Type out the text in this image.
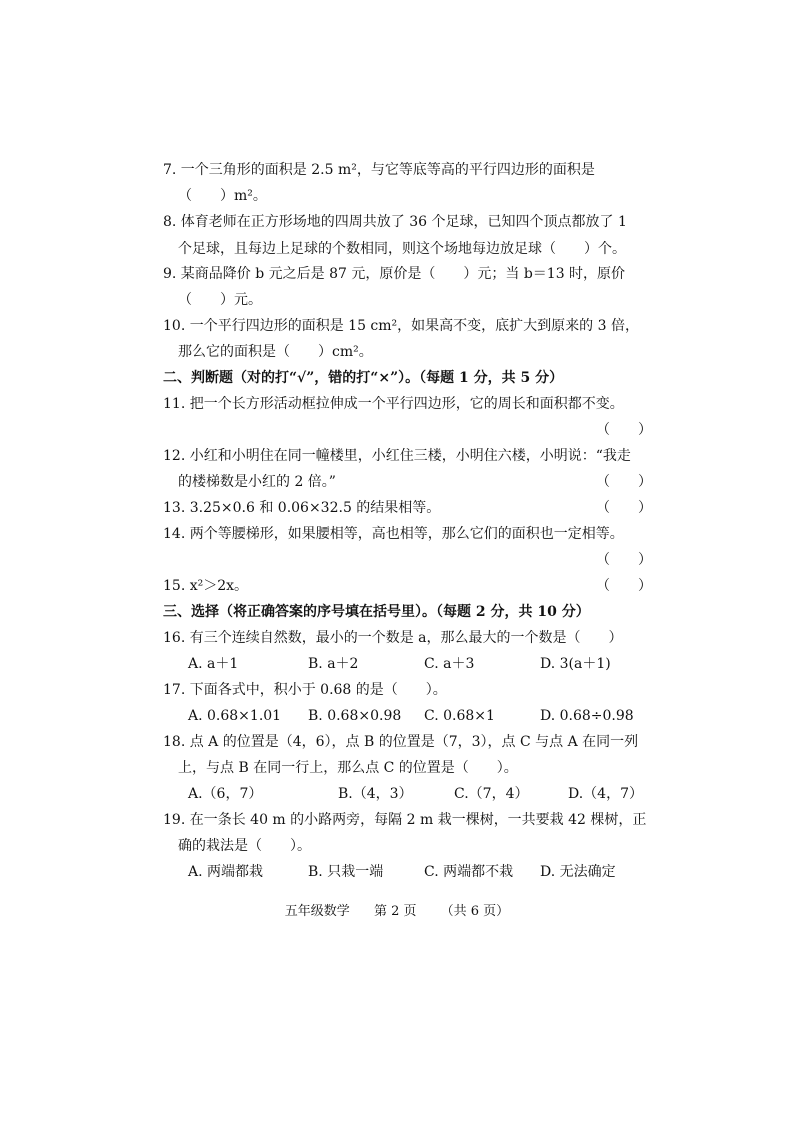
7. 一个三角形的面积是 2.5 m²，与它等底等高的平行四边形的面积是
（　　）m²。
8. 体育老师在正方形场地的四周共放了 36 个足球，已知四个顶点都放了 1
个足球，且每边上足球的个数相同，则这个场地每边放足球（　　）个。
9. 某商品降价 b 元之后是 87 元，原价是（　　）元；当 b＝13 时，原价
（　　）元。
10. 一个平行四边形的面积是 15 cm²，如果高不变，底扩大到原来的 3 倍，
那么它的面积是（　　）cm²。
二、判断题（对的打“√”，错的打“×”）。（每题 1 分，共 5 分）
11. 把一个长方形活动框拉伸成一个平行四边形，它的周长和面积都不变。
（　　）
12. 小红和小明住在同一幢楼里，小红住三楼，小明住六楼，小明说：“我走
的楼梯数是小红的 2 倍。”	（　　）
13. 3.25×0.6 和 0.06×32.5 的结果相等。	（　　）
14. 两个等腰梯形，如果腰相等，高也相等，那么它们的面积也一定相等。
（　　）
15. x²＞2x。	（　　）
三、选择（将正确答案的序号填在括号里）。（每题 2 分，共 10 分）
16. 有三个连续自然数，最小的一个数是 a，那么最大的一个数是（　　）
A. a＋1	B. a＋2	C. a＋3	D. 3(a＋1)
17. 下面各式中，积小于 0.68 的是（　　）。
A. 0.68×1.01 B. 0.68×0.98 C. 0.68×1	D. 0.68÷0.98
18. 点 A 的位置是（4，6），点 B 的位置是（7，3），点 C 与点 A 在同一列
上，与点 B 在同一行上，那么点 C 的位置是（　　）。
A.（6，7）	B.（4，3）	C.（7，4）	D.（4，7）
19. 在一条长 40 m 的小路两旁，每隔 2 m 栽一棵树，一共要栽 42 棵树，正
确的栽法是（　　）。
A. 两端都栽	B. 只栽一端	C. 两端都不栽 D. 无法确定
五年级数学 第 2 页 （共 6 页）
